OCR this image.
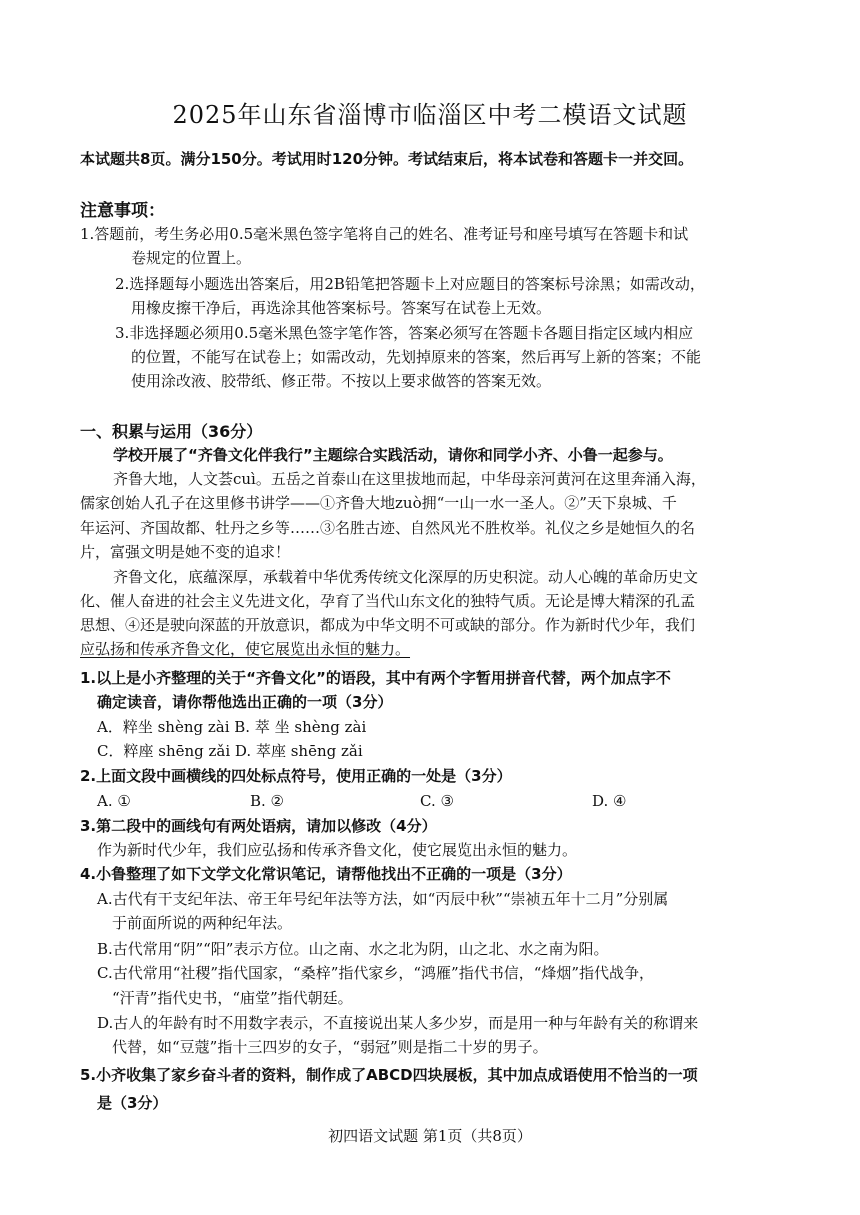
2025年山东省淄博市临淄区中考二模语文试题
本试题共8页。满分150分。考试用时120分钟。考试结束后，将本试卷和答题卡一并交回。
注意事项：
1.答题前，考生务必用0.5毫米黑色签字笔将自己的姓名、准考证号和座号填写在答题卡和试
卷规定的位置上。
2.选择题每小题选出答案后，用2B铅笔把答题卡上对应题目的答案标号涂黑；如需改动，
用橡皮擦干净后，再选涂其他答案标号。答案写在试卷上无效。
3.非选择题必须用0.5毫米黑色签字笔作答，答案必须写在答题卡各题目指定区域内相应
的位置，不能写在试卷上；如需改动，先划掉原来的答案，然后再写上新的答案；不能
使用涂改液、胶带纸、修正带。不按以上要求做答的答案无效。
一、积累与运用（36分）
学校开展了“齐鲁文化伴我行”主题综合实践活动，请你和同学小齐、小鲁一起参与。
齐鲁大地，人文荟cuì。五岳之首泰山在这里拔地而起，中华母亲河黄河在这里奔涌入海，
儒家创始人孔子在这里修书讲学——①齐鲁大地zuò拥“一山一水一圣人。②”天下泉城、千
年运河、齐国故都、牡丹之乡等……③名胜古迹、自然风光不胜枚举。礼仪之乡是她恒久的名
片，富强文明是她不变的追求！
齐鲁文化，底蕴深厚，承载着中华优秀传统文化深厚的历史积淀。动人心魄的革命历史文
化、催人奋进的社会主义先进文化，孕育了当代山东文化的独特气质。无论是博大精深的孔孟
思想、④还是驶向深蓝的开放意识，都成为中华文明不可或缺的部分。作为新时代少年，我们
应弘扬和传承齐鲁文化，使它展览出永恒的魅力。
1.以上是小齐整理的关于“齐鲁文化”的语段，其中有两个字暂用拼音代替，两个加点字不
确定读音，请你帮他选出正确的一项（3分）
A．粹坐 shèng zài B. 萃 坐 shèng zài
C．粹座 shēng zǎi D. 萃座 shēng zǎi
2.上面文段中画横线的四处标点符号，使用正确的一处是（3分）
A. ①	B. ②	C. ③	D. ④
3.第二段中的画线句有两处语病，请加以修改（4分）
作为新时代少年，我们应弘扬和传承齐鲁文化，使它展览出永恒的魅力。
4.小鲁整理了如下文学文化常识笔记，请帮他找出不正确的一项是（3分）
A.古代有干支纪年法、帝王年号纪年法等方法，如“丙辰中秋”“崇祯五年十二月”分别属
于前面所说的两种纪年法。
B.古代常用“阴”“阳”表示方位。山之南、水之北为阴，山之北、水之南为阳。
C.古代常用“社稷”指代国家，“桑梓”指代家乡，“鸿雁”指代书信，“烽烟”指代战争，
“汗青”指代史书，“庙堂”指代朝廷。
D.古人的年龄有时不用数字表示，不直接说出某人多少岁，而是用一种与年龄有关的称谓来
代替，如“豆蔻”指十三四岁的女子，“弱冠”则是指二十岁的男子。
5.小齐收集了家乡奋斗者的资料，制作成了ABCD四块展板，其中加点成语使用不恰当的一项
是（3分）
初四语文试题 第1页（共8页）
